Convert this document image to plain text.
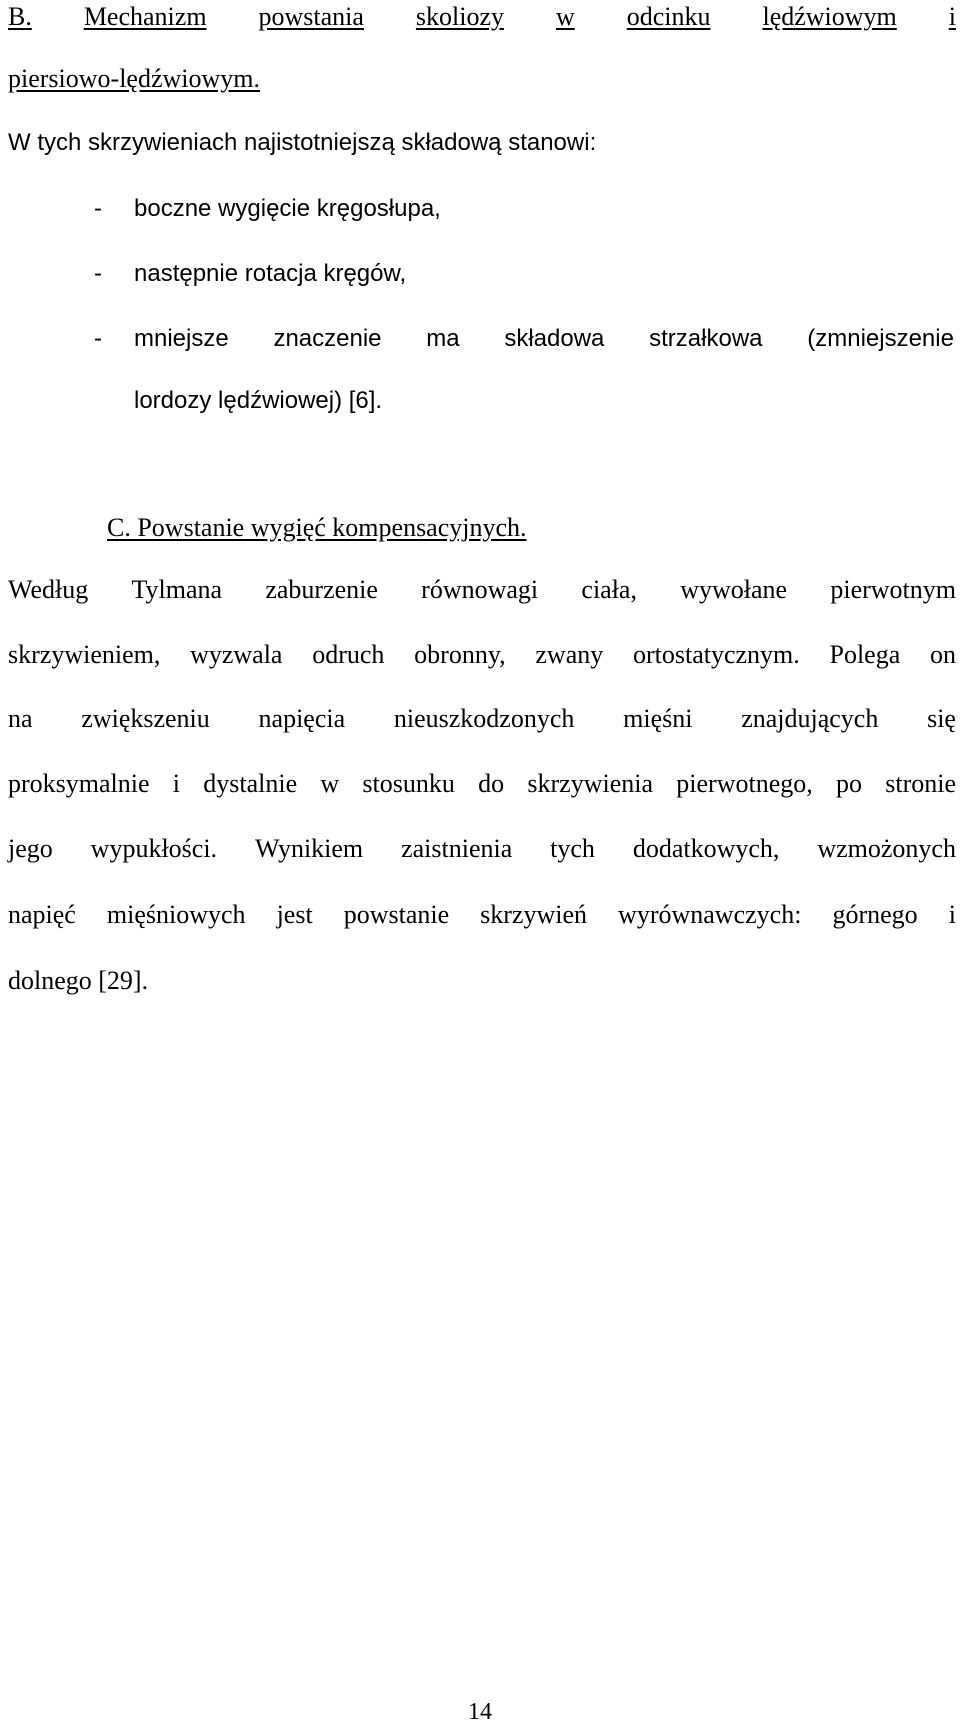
B. Mechanizm powstania skoliozy w odcinku lędźwiowym i
piersiowo-lędźwiowym.
W tych skrzywieniach najistotniejszą składową stanowi:
- boczne wygięcie kręgosłupa,
- następnie rotacja kręgów,
- mniejsze znaczenie ma składowa strzałkowa (zmniejszenie
lordozy lędźwiowej) [6].
C. Powstanie wygięć kompensacyjnych.
Według Tylmana zaburzenie równowagi ciała, wywołane pierwotnym
skrzywieniem, wyzwala odruch obronny, zwany ortostatycznym. Polega on
na zwiększeniu napięcia nieuszkodzonych mięśni znajdujących się
proksymalnie i dystalnie w stosunku do skrzywienia pierwotnego, po stronie
jego wypukłości. Wynikiem zaistnienia tych dodatkowych, wzmożonych
napięć mięśniowych jest powstanie skrzywień wyrównawczych: górnego i
dolnego [29].
14
